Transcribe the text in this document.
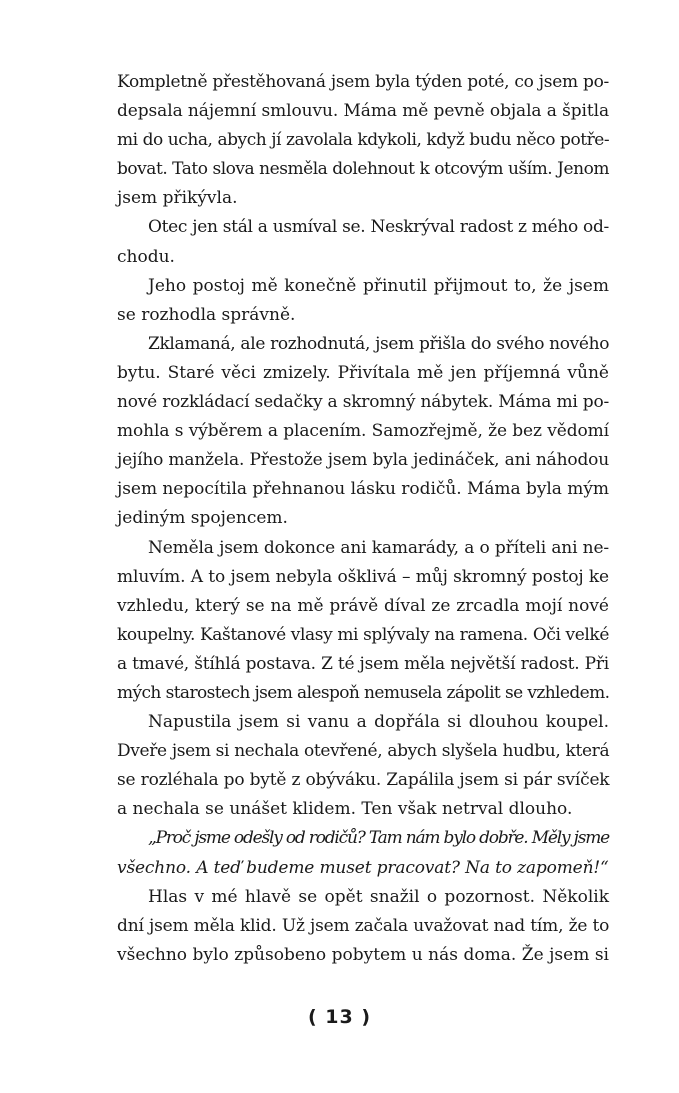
Kompletně přestěhovaná jsem byla týden poté, co jsem po-
depsala nájemní smlouvu. Máma mě pevně objala a špitla
mi do ucha, abych jí zavolala kdykoli, když budu něco potře-
bovat. Tato slova nesměla dolehnout k otcovým uším. Jenom
jsem přikývla.
Otec jen stál a usmíval se. Neskrýval radost z mého od-
chodu.
Jeho postoj mě konečně přinutil přijmout to, že jsem
se rozhodla správně.
Zklamaná, ale rozhodnutá, jsem přišla do svého nového
bytu. Staré věci zmizely. Přivítala mě jen příjemná vůně
nové rozkládací sedačky a skromný nábytek. Máma mi po-
mohla s výběrem a placením. Samozřejmě, že bez vědomí
jejího manžela. Přestože jsem byla jedináček, ani náhodou
jsem nepocítila přehnanou lásku rodičů. Máma byla mým
jediným spojencem.
Neměla jsem dokonce ani kamarády, a o příteli ani ne-
mluvím. A to jsem nebyla ošklivá – můj skromný postoj ke
vzhledu, který se na mě právě díval ze zrcadla mojí nové
koupelny. Kaštanové vlasy mi splývaly na ramena. Oči velké
a tmavé, štíhlá postava. Z té jsem měla největší radost. Při
mých starostech jsem alespoň nemusela zápolit se vzhledem.
Napustila jsem si vanu a dopřála si dlouhou koupel.
Dveře jsem si nechala otevřené, abych slyšela hudbu, která
se rozléhala po bytě z obýváku. Zapálila jsem si pár svíček
a nechala se unášet klidem. Ten však netrval dlouho.
„Proč jsme odešly od rodičů? Tam nám bylo dobře. Měly jsme
všechno. A teď budeme muset pracovat? Na to zapomeň!“
Hlas v mé hlavě se opět snažil o pozornost. Několik
dní jsem měla klid. Už jsem začala uvažovat nad tím, že to
všechno bylo způsobeno pobytem u nás doma. Že jsem si
( 13 )
